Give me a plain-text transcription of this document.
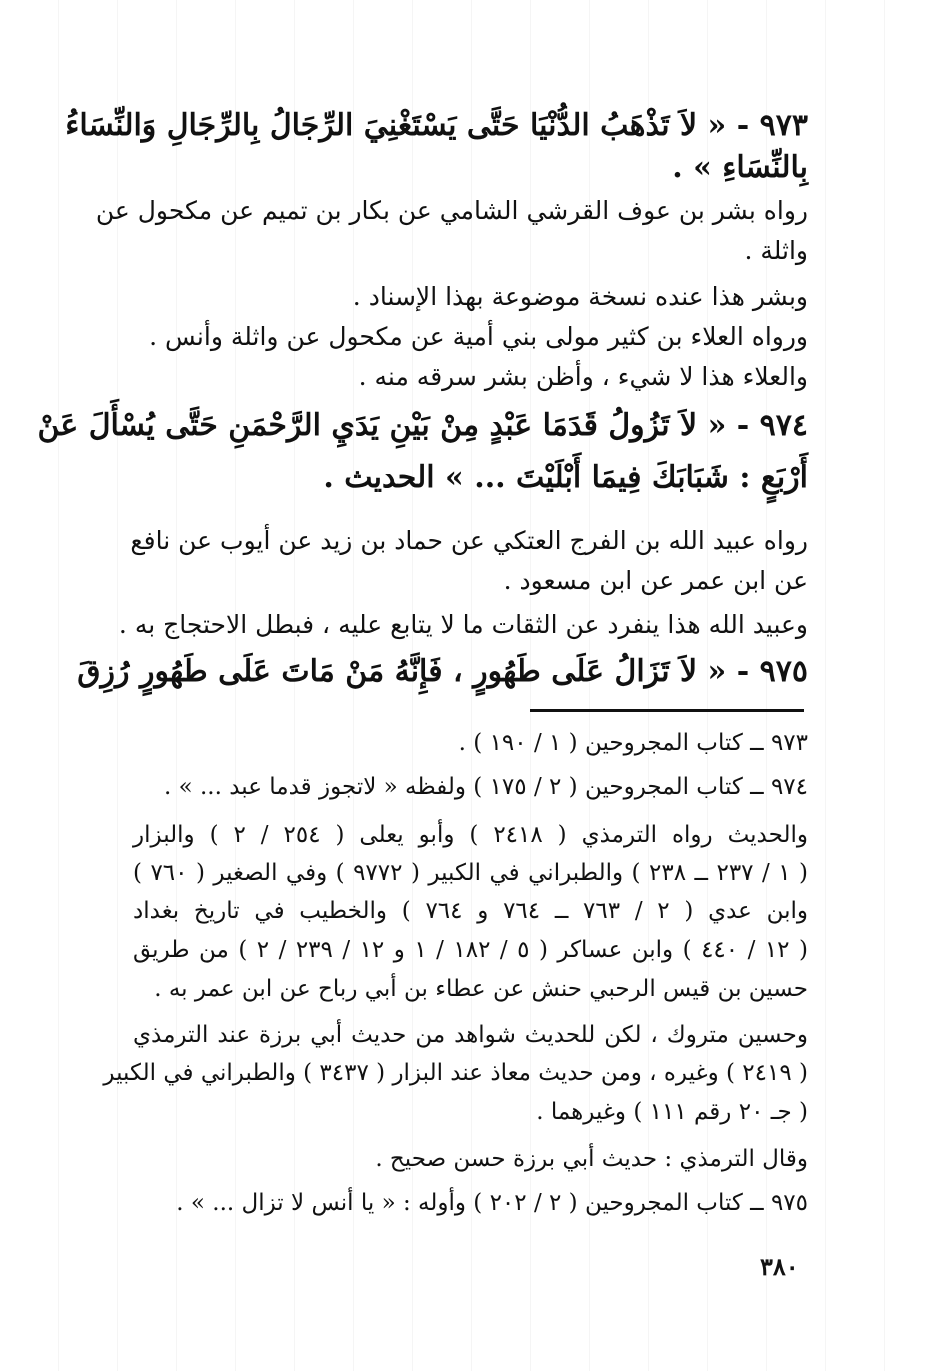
٩٧٣ - « لاَ تَذْهَبُ الدُّنْيَا حَتَّى يَسْتَغْنِيَ الرِّجَالُ بِالرِّجَالِ وَالنِّسَاءُ
بِالنِّسَاءِ » .
رواه بشر بن عوف القرشي الشامي عن بكار بن تميم عن مكحول عن
واثلة .
وبشر هذا عنده نسخة موضوعة بهذا الإسناد .
ورواه العلاء بن كثير مولى بني أمية عن مكحول عن واثلة وأنس .
والعلاء هذا لا شيء ، وأظن بشر سرقه منه .
٩٧٤ - « لاَ تَزُولُ قَدَمَا عَبْدٍ مِنْ بَيْنِ يَدَيِ الرَّحْمَنِ حَتَّى يُسْأَلَ عَنْ
أَرْبَعٍ : شَبَابَكَ فِيمَا أَبْلَيْتَ ... » الحديث .
رواه عبيد الله بن الفرج العتكي عن حماد بن زيد عن أيوب عن نافع
عن ابن عمر عن ابن مسعود .
وعبيد الله هذا ينفرد عن الثقات ما لا يتابع عليه ، فبطل الاحتجاج به .
٩٧٥ - « لاَ تَزَالُ عَلَى طَهُورٍ ، فَإِنَّهُ مَنْ مَاتَ عَلَى طَهُورٍ رُزِقَ
٩٧٣ ــ كتاب المجروحين ( ١ / ١٩٠ ) .
٩٧٤ ــ كتاب المجروحين ( ٢ / ١٧٥ ) ولفظه « لاتجوز قدما عبد ... » .
والحديث رواه الترمذي ( ٢٤١٨ ) وأبو يعلى ( ٢٥٤ / ٢ ) والبزار
( ١ / ٢٣٧ ــ ٢٣٨ ) والطبراني في الكبير ( ٩٧٧٢ ) وفي الصغير ( ٧٦٠ )
وابن عدي ( ٢ / ٧٦٣ ــ ٧٦٤ و ٧٦٤ ) والخطيب في تاريخ بغداد
( ١٢ / ٤٤٠ ) وابن عساكر ( ٥ / ١٨٢ / ١ و ١٢ / ٢٣٩ / ٢ ) من طريق
حسين بن قيس الرحبي حنش عن عطاء بن أبي رباح عن ابن عمر به .
وحسين متروك ، لكن للحديث شواهد من حديث أبي برزة عند الترمذي
( ٢٤١٩ ) وغيره ، ومن حديث معاذ عند البزار ( ٣٤٣٧ ) والطبراني في الكبير
( جـ ٢٠ رقم ١١١ ) وغيرهما .
وقال الترمذي : حديث أبي برزة حسن صحيح .
٩٧٥ ــ كتاب المجروحين ( ٢ / ٢٠٢ ) وأوله : « يا أنس لا تزال ... » .
٣٨٠
